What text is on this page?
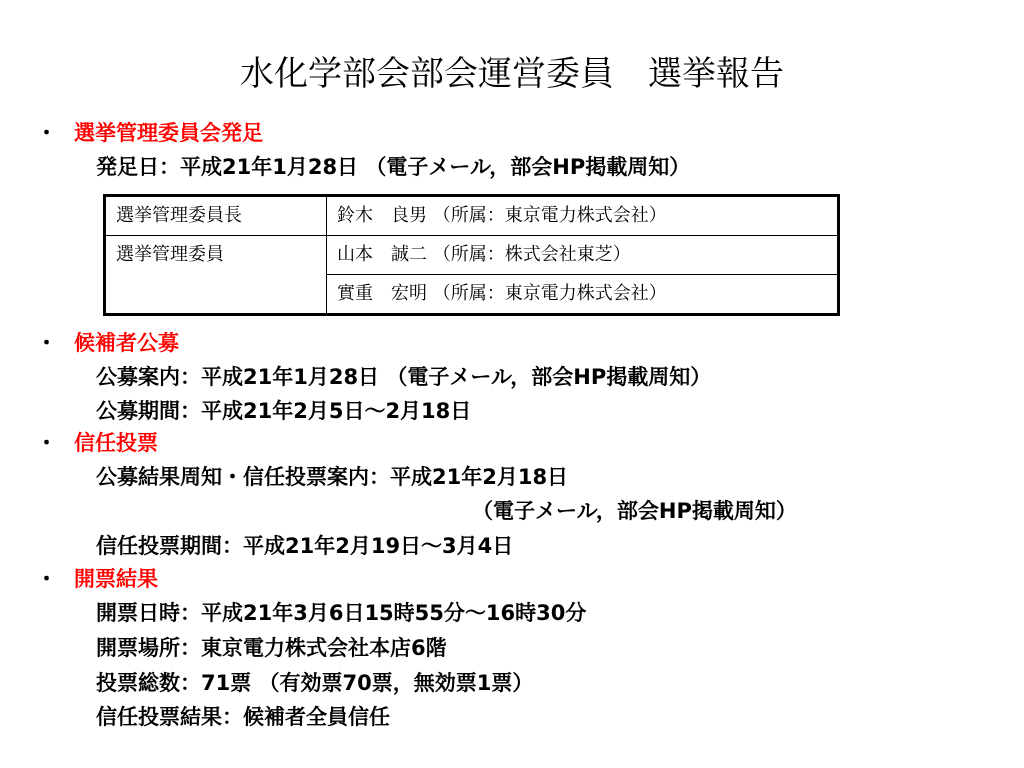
水化学部会部会運営委員　選挙報告
・ 選挙管理委員会発足
発足日：平成21年1月28日 （電子メール，部会HP掲載周知）
選挙管理委員長	鈴木　良男 （所属：東京電力株式会社）
選挙管理委員	山本　誠二 （所属：株式会社東芝）
	實重　宏明 （所属：東京電力株式会社）
・ 候補者公募
公募案内：平成21年1月28日 （電子メール，部会HP掲載周知）
公募期間：平成21年2月5日～2月18日
・ 信任投票
公募結果周知・信任投票案内：平成21年2月18日
（電子メール，部会HP掲載周知）
信任投票期間：平成21年2月19日～3月4日
・ 開票結果
開票日時：平成21年3月6日15時55分～16時30分
開票場所：東京電力株式会社本店6階
投票総数：71票 （有効票70票，無効票1票）
信任投票結果：候補者全員信任
